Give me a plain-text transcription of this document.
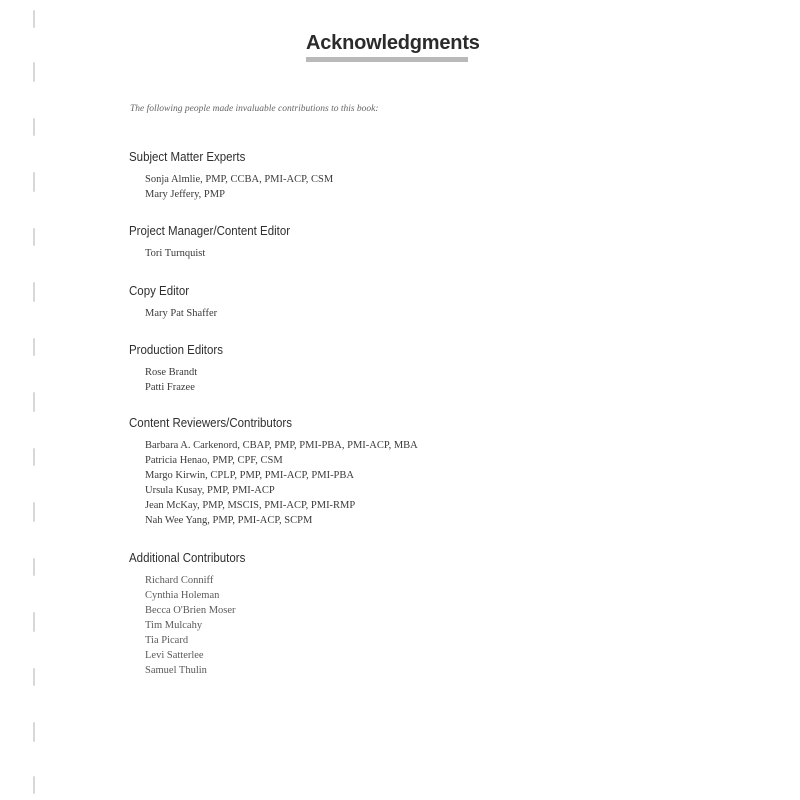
Acknowledgments
The following people made invaluable contributions to this book:
Subject Matter Experts
Sonja Almlie, PMP, CCBA, PMI-ACP, CSM
Mary Jeffery, PMP
Project Manager/Content Editor
Tori Turnquist
Copy Editor
Mary Pat Shaffer
Production Editors
Rose Brandt
Patti Frazee
Content Reviewers/Contributors
Barbara A. Carkenord, CBAP, PMP, PMI-PBA, PMI-ACP, MBA
Patricia Henao, PMP, CPF, CSM
Margo Kirwin, CPLP, PMP, PMI-ACP, PMI-PBA
Ursula Kusay, PMP, PMI-ACP
Jean McKay, PMP, MSCIS, PMI-ACP, PMI-RMP
Nah Wee Yang, PMP, PMI-ACP, SCPM
Additional Contributors
Richard Conniff
Cynthia Holeman
Becca O'Brien Moser
Tim Mulcahy
Tia Picard
Levi Satterlee
Samuel Thulin
